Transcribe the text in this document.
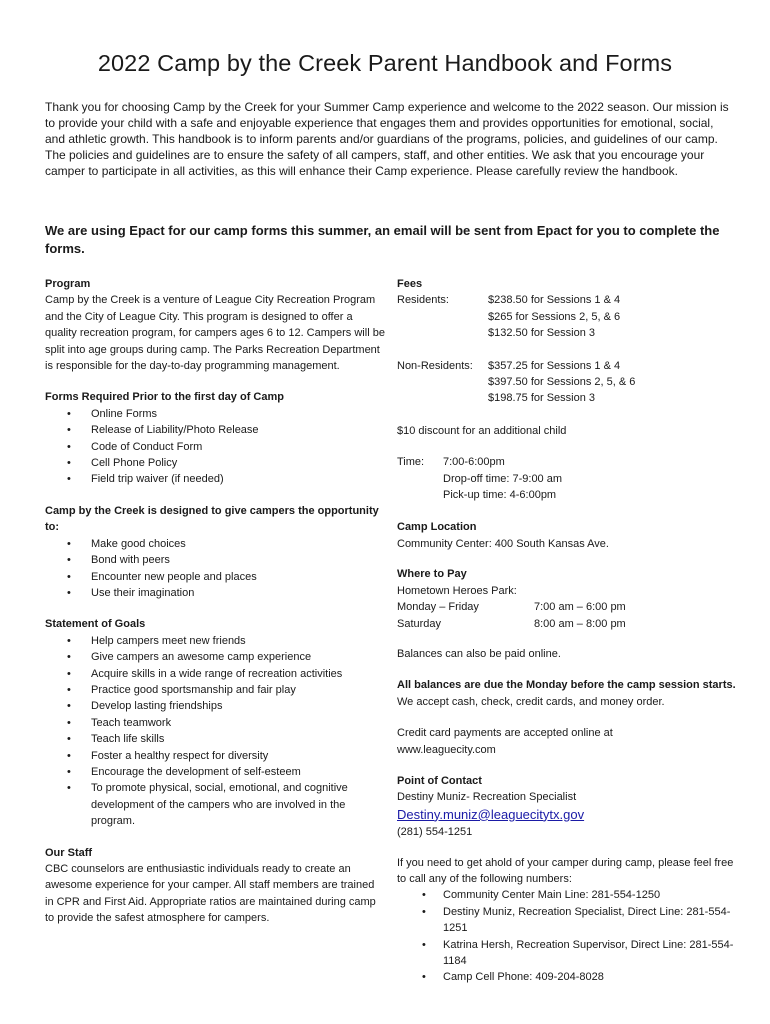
2022 Camp by the Creek Parent Handbook and Forms

Thank you for choosing Camp by the Creek for your Summer Camp experience and welcome to the 2022 season. Our mission is to provide your child with a safe and enjoyable experience that engages them and provides opportunities for emotional, social, and athletic growth. This handbook is to inform parents and/or guardians of the programs, policies, and guidelines of our camp. The policies and guidelines are to ensure the safety of all campers, staff, and other entities. We ask that you encourage your camper to participate in all activities, as this will enhance their Camp experience. Please carefully review the handbook.

We are using Epact for our camp forms this summer, an email will be sent from Epact for you to complete the forms.

Program

Camp by the Creek is a venture of League City Recreation Program and the City of League City. This program is designed to offer a quality recreation program, for campers ages 6 to 12. Campers will be split into age groups during camp. The Parks Recreation Department is responsible for the day-to-day programming management.

Forms Required Prior to the first day of Camp

• Online Forms
• Release of Liability/Photo Release
• Code of Conduct Form
• Cell Phone Policy
• Field trip waiver (if needed)

Camp by the Creek is designed to give campers the opportunity to:

• Make good choices
• Bond with peers
• Encounter new people and places
• Use their imagination

Statement of Goals

• Help campers meet new friends
• Give campers an awesome camp experience
• Acquire skills in a wide range of recreation activities
• Practice good sportsmanship and fair play
• Develop lasting friendships
• Teach teamwork
• Teach life skills
• Foster a healthy respect for diversity
• Encourage the development of self-esteem
• To promote physical, social, emotional, and cognitive development of the campers who are involved in the program.

Our Staff

CBC counselors are enthusiastic individuals ready to create an awesome experience for your camper. All staff members are trained in CPR and First Aid. Appropriate ratios are maintained during camp to provide the safest atmosphere for campers.

Fees

Residents:	$238.50 for Sessions 1 & 4

$265 for Sessions 2, 5, & 6

$132.50 for Session 3

Non-Residents:	$357.25 for Sessions 1 & 4

$397.50 for Sessions 2, 5, & 6

$198.75 for Session 3

$10 discount for an additional child

Time:	7:00-6:00pm

Drop-off time: 7-9:00 am

Pick-up time: 4-6:00pm

Camp Location

Community Center: 400 South Kansas Ave.

Where to Pay

Hometown Heroes Park:

Monday – Friday	7:00 am – 6:00 pm
Saturday	8:00 am – 8:00 pm

Balances can also be paid online.

All balances are due the Monday before the camp session starts. We accept cash, check, credit cards, and money order.

Credit card payments are accepted online at

www.leaguecity.com

Point of Contact

Destiny Muniz- Recreation Specialist

Destiny.muniz@leaguecitytx.gov

(281) 554-1251

If you need to get ahold of your camper during camp, please feel free to call any of the following numbers:

• Community Center Main Line: 281-554-1250
• Destiny Muniz, Recreation Specialist, Direct Line: 281-554-1251
• Katrina Hersh, Recreation Supervisor, Direct Line: 281-554-1184
• Camp Cell Phone: 409-204-8028
